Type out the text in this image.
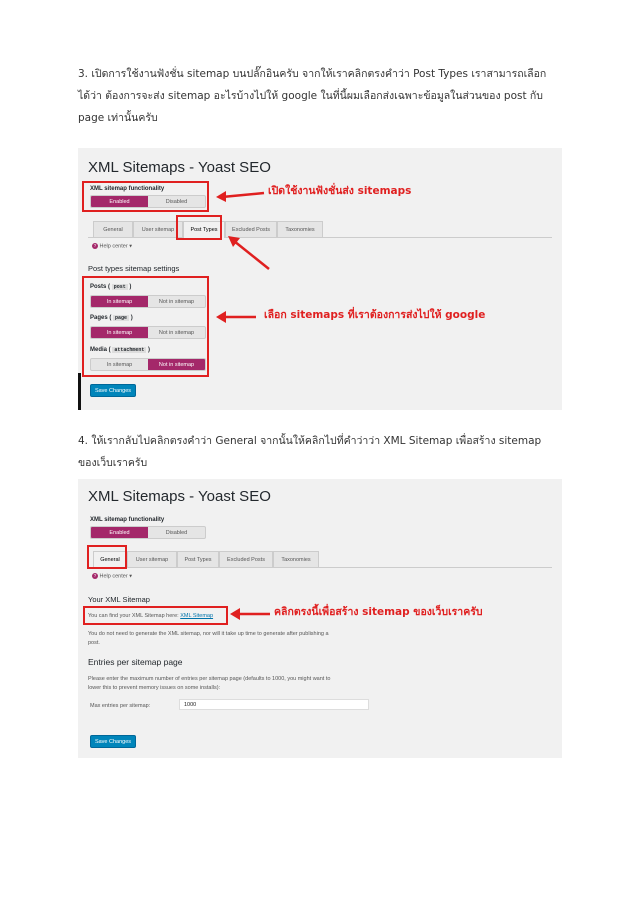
3. เปิดการใช้งานฟังชั่น sitemap บนปลั๊กอินครับ จากให้เราคลิกตรงคำว่า Post Types เราสามารถเลือก
ได้ว่า ต้องการจะส่ง sitemap อะไรบ้างไปให้ google ในที่นี้ผมเลือกส่งเฉพาะข้อมูลในส่วนของ post กับ
page เท่านั้นครับ
XML Sitemaps - Yoast SEO
XML sitemap functionality
Enabled	Disabled
General	User sitemap	Post Types	Excluded Posts	Taxonomies
? Help center ▾
Post types sitemap settings
Posts ( post )
In sitemap	Not in sitemap
Pages ( page )
In sitemap	Not in sitemap
Media ( attachment )
In sitemap	Not in sitemap
Save Changes
เปิดใช้งานฟังชั่นส่ง sitemaps
เลือก sitemaps ที่เราต้องการส่งไปให้ google
4. ให้เรากลับไปคลิกตรงคำว่า General จากนั้นให้คลิกไปที่คำว่าว่า XML Sitemap เพื่อสร้าง sitemap
ของเว็บเราครับ
XML Sitemaps - Yoast SEO
XML sitemap functionality
Enabled	Disabled
General	User sitemap	Post Types	Excluded Posts	Taxonomies
? Help center ▾
Your XML Sitemap
You can find your XML Sitemap here: XML Sitemap
You do not need to generate the XML sitemap, nor will it take up time to generate after publishing a
post.
Entries per sitemap page
Please enter the maximum number of entries per sitemap page (defaults to 1000, you might want to
lower this to prevent memory issues on some installs):
Max entries per sitemap:	1000
Save Changes
คลิกตรงนี้เพื่อสร้าง sitemap ของเว็บเราครับ
